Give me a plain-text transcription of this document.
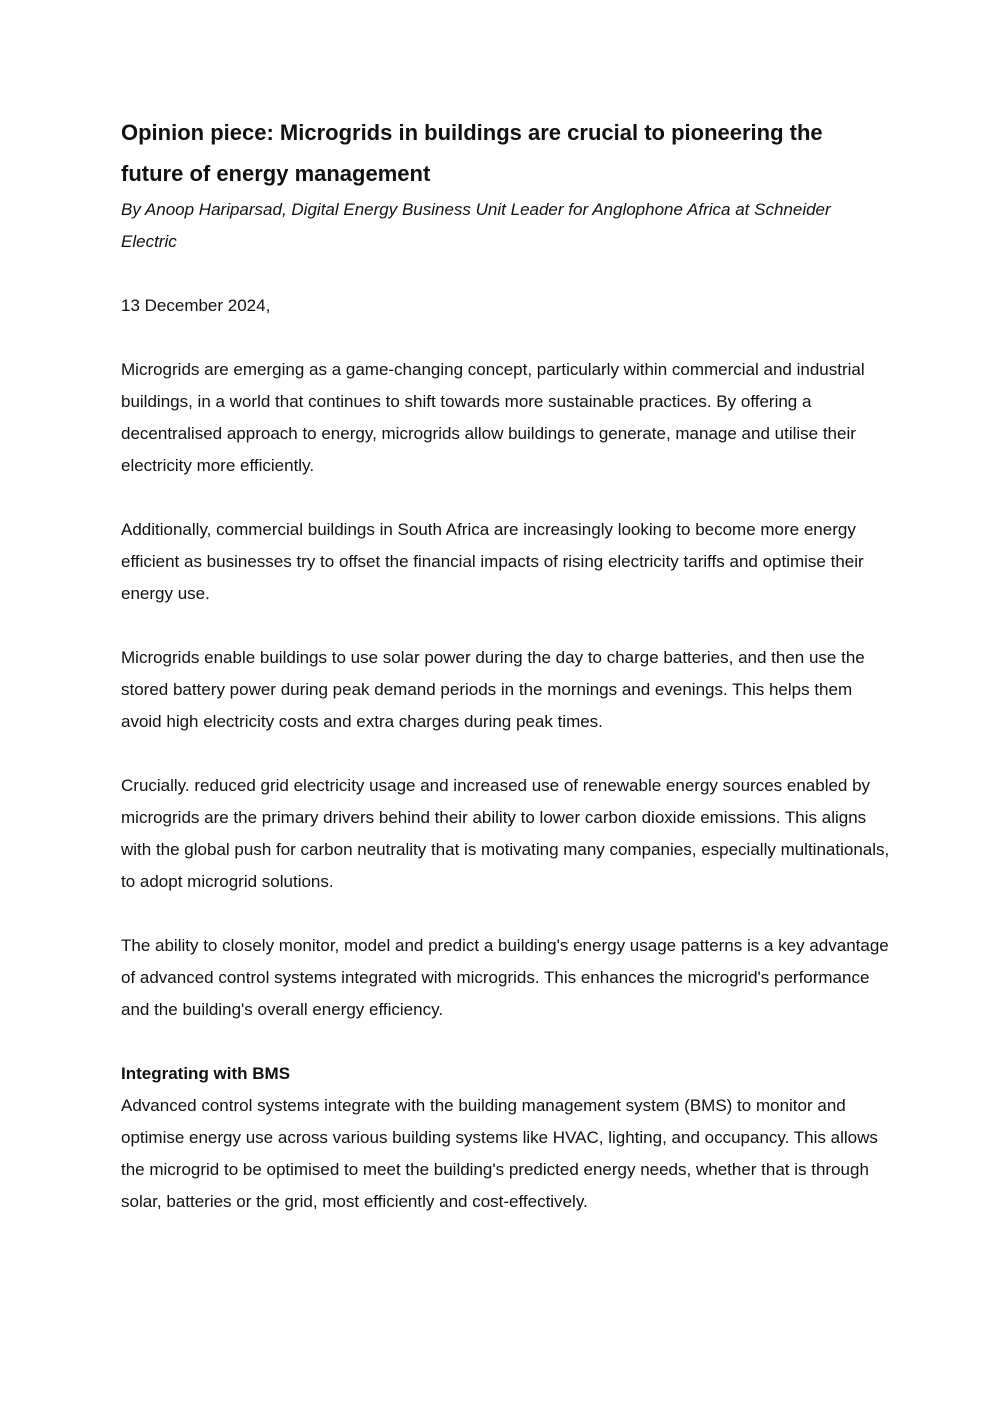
Opinion piece: Microgrids in buildings are crucial to pioneering the future of energy management

By Anoop Hariparsad, Digital Energy Business Unit Leader for Anglophone Africa at Schneider Electric

13 December 2024,

Microgrids are emerging as a game-changing concept, particularly within commercial and industrial buildings, in a world that continues to shift towards more sustainable practices. By offering a decentralised approach to energy, microgrids allow buildings to generate, manage and utilise their electricity more efficiently.

Additionally, commercial buildings in South Africa are increasingly looking to become more energy efficient as businesses try to offset the financial impacts of rising electricity tariffs and optimise their energy use.

Microgrids enable buildings to use solar power during the day to charge batteries, and then use the stored battery power during peak demand periods in the mornings and evenings. This helps them avoid high electricity costs and extra charges during peak times.

Crucially. reduced grid electricity usage and increased use of renewable energy sources enabled by microgrids are the primary drivers behind their ability to lower carbon dioxide emissions. This aligns with the global push for carbon neutrality that is motivating many companies, especially multinationals, to adopt microgrid solutions.

The ability to closely monitor, model and predict a building's energy usage patterns is a key advantage of advanced control systems integrated with microgrids. This enhances the microgrid's performance and the building's overall energy efficiency.

Integrating with BMS

Advanced control systems integrate with the building management system (BMS) to monitor and optimise energy use across various building systems like HVAC, lighting, and occupancy. This allows the microgrid to be optimised to meet the building's predicted energy needs, whether that is through solar, batteries or the grid, most efficiently and cost-effectively.
